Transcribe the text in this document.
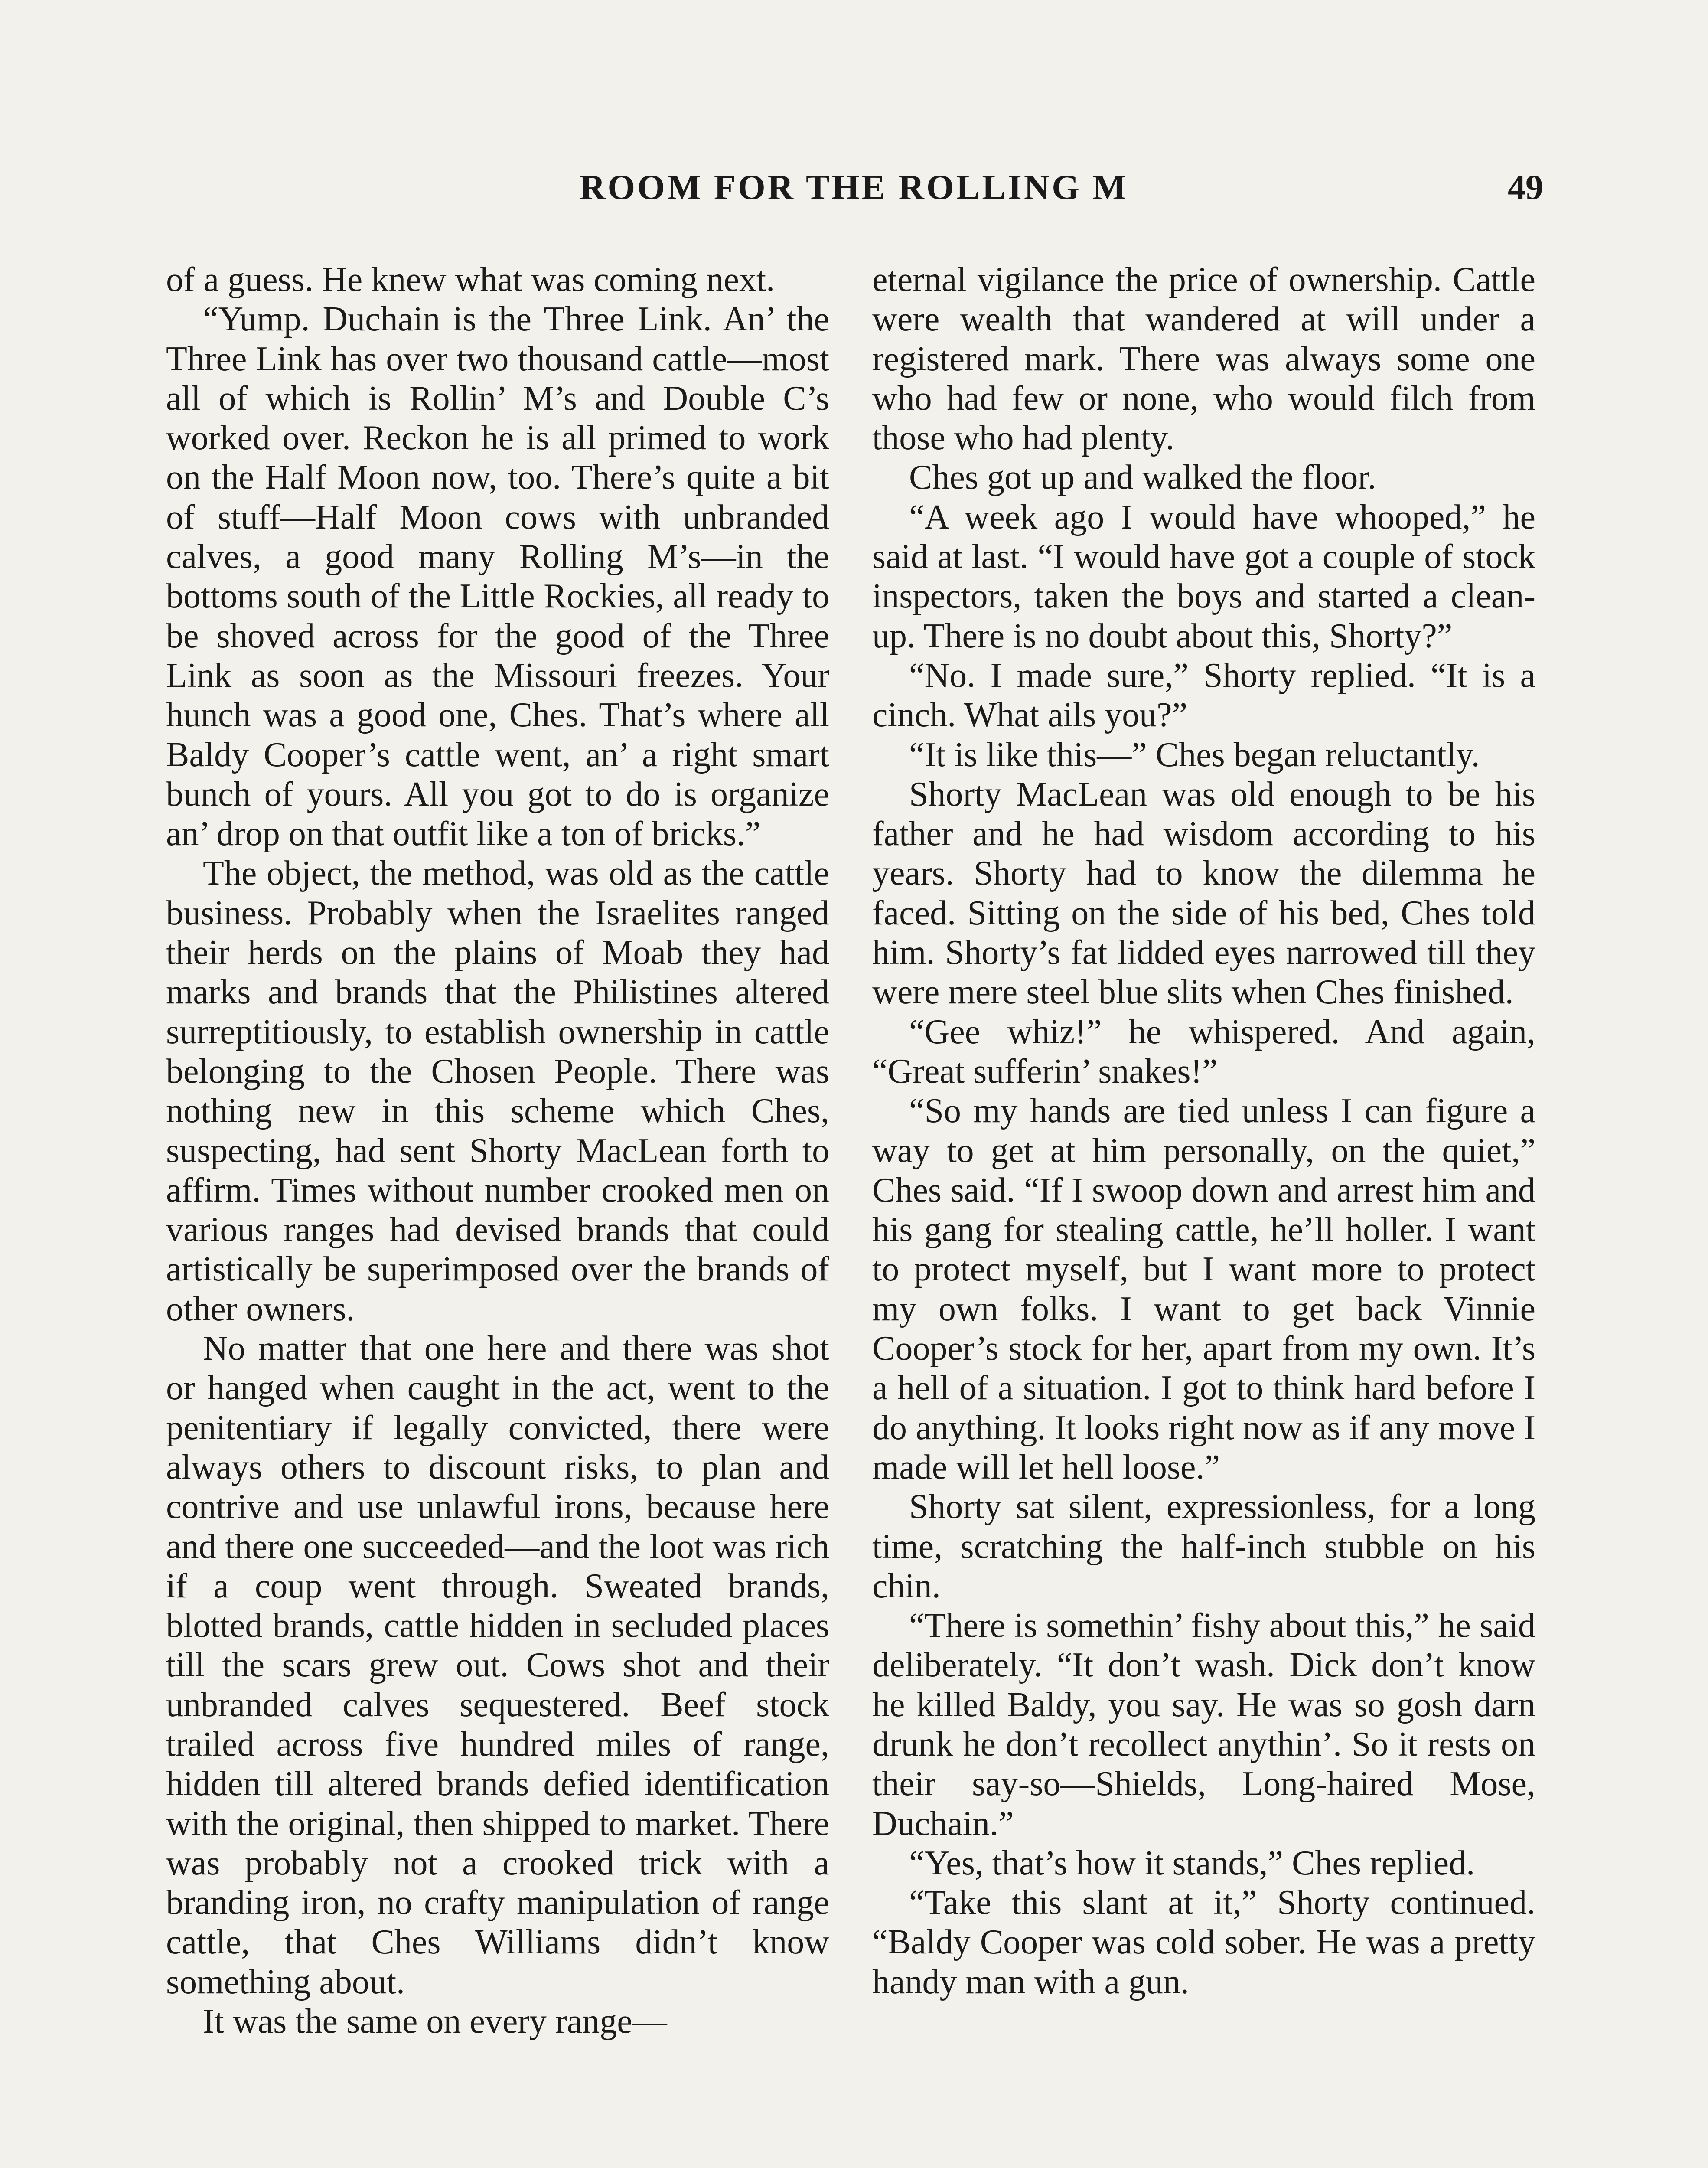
ROOM FOR THE ROLLING M	49

of a guess. He knew what was coming next.

“Yump. Duchain is the Three Link. An’ the Three Link has over two thousand cattle—most all of which is Rollin’ M’s and Double C’s worked over. Reckon he is all primed to work on the Half Moon now, too. There’s quite a bit of stuff—Half Moon cows with unbranded calves, a good many Rolling M’s—in the bottoms south of the Little Rockies, all ready to be shoved across for the good of the Three Link as soon as the Missouri freezes. Your hunch was a good one, Ches. That’s where all Baldy Cooper’s cattle went, an’ a right smart bunch of yours. All you got to do is organize an’ drop on that outfit like a ton of bricks.”

The object, the method, was old as the cattle business. Probably when the Israelites ranged their herds on the plains of Moab they had marks and brands that the Philistines altered surreptitiously, to establish ownership in cattle belonging to the Chosen People. There was nothing new in this scheme which Ches, suspecting, had sent Shorty MacLean forth to affirm. Times without number crooked men on various ranges had devised brands that could artistically be superimposed over the brands of other owners.

No matter that one here and there was shot or hanged when caught in the act, went to the penitentiary if legally convicted, there were always others to discount risks, to plan and contrive and use unlawful irons, because here and there one succeeded—and the loot was rich if a coup went through. Sweated brands, blotted brands, cattle hidden in secluded places till the scars grew out. Cows shot and their unbranded calves sequestered. Beef stock trailed across five hundred miles of range, hidden till altered brands defied identification with the original, then shipped to market. There was probably not a crooked trick with a branding iron, no crafty manipulation of range cattle, that Ches Williams didn’t know something about.

It was the same on every range—

eternal vigilance the price of ownership. Cattle were wealth that wandered at will under a registered mark. There was always some one who had few or none, who would filch from those who had plenty.

Ches got up and walked the floor.

“A week ago I would have whooped,” he said at last. “I would have got a couple of stock inspectors, taken the boys and started a clean-up. There is no doubt about this, Shorty?”

“No. I made sure,” Shorty replied. “It is a cinch. What ails you?”

“It is like this—” Ches began reluctantly.

Shorty MacLean was old enough to be his father and he had wisdom according to his years. Shorty had to know the dilemma he faced. Sitting on the side of his bed, Ches told him. Shorty’s fat lidded eyes narrowed till they were mere steel blue slits when Ches finished.

“Gee whiz!” he whispered. And again, “Great sufferin’ snakes!”

“So my hands are tied unless I can figure a way to get at him personally, on the quiet,” Ches said. “If I swoop down and arrest him and his gang for stealing cattle, he’ll holler. I want to protect myself, but I want more to protect my own folks. I want to get back Vinnie Cooper’s stock for her, apart from my own. It’s a hell of a situation. I got to think hard before I do anything. It looks right now as if any move I made will let hell loose.”

Shorty sat silent, expressionless, for a long time, scratching the half-inch stubble on his chin.

“There is somethin’ fishy about this,” he said deliberately. “It don’t wash. Dick don’t know he killed Baldy, you say. He was so gosh darn drunk he don’t recollect anythin’. So it rests on their say-so—Shields, Long-haired Mose, Duchain.”

“Yes, that’s how it stands,” Ches replied.

“Take this slant at it,” Shorty continued. “Baldy Cooper was cold sober. He was a pretty handy man with a gun.
